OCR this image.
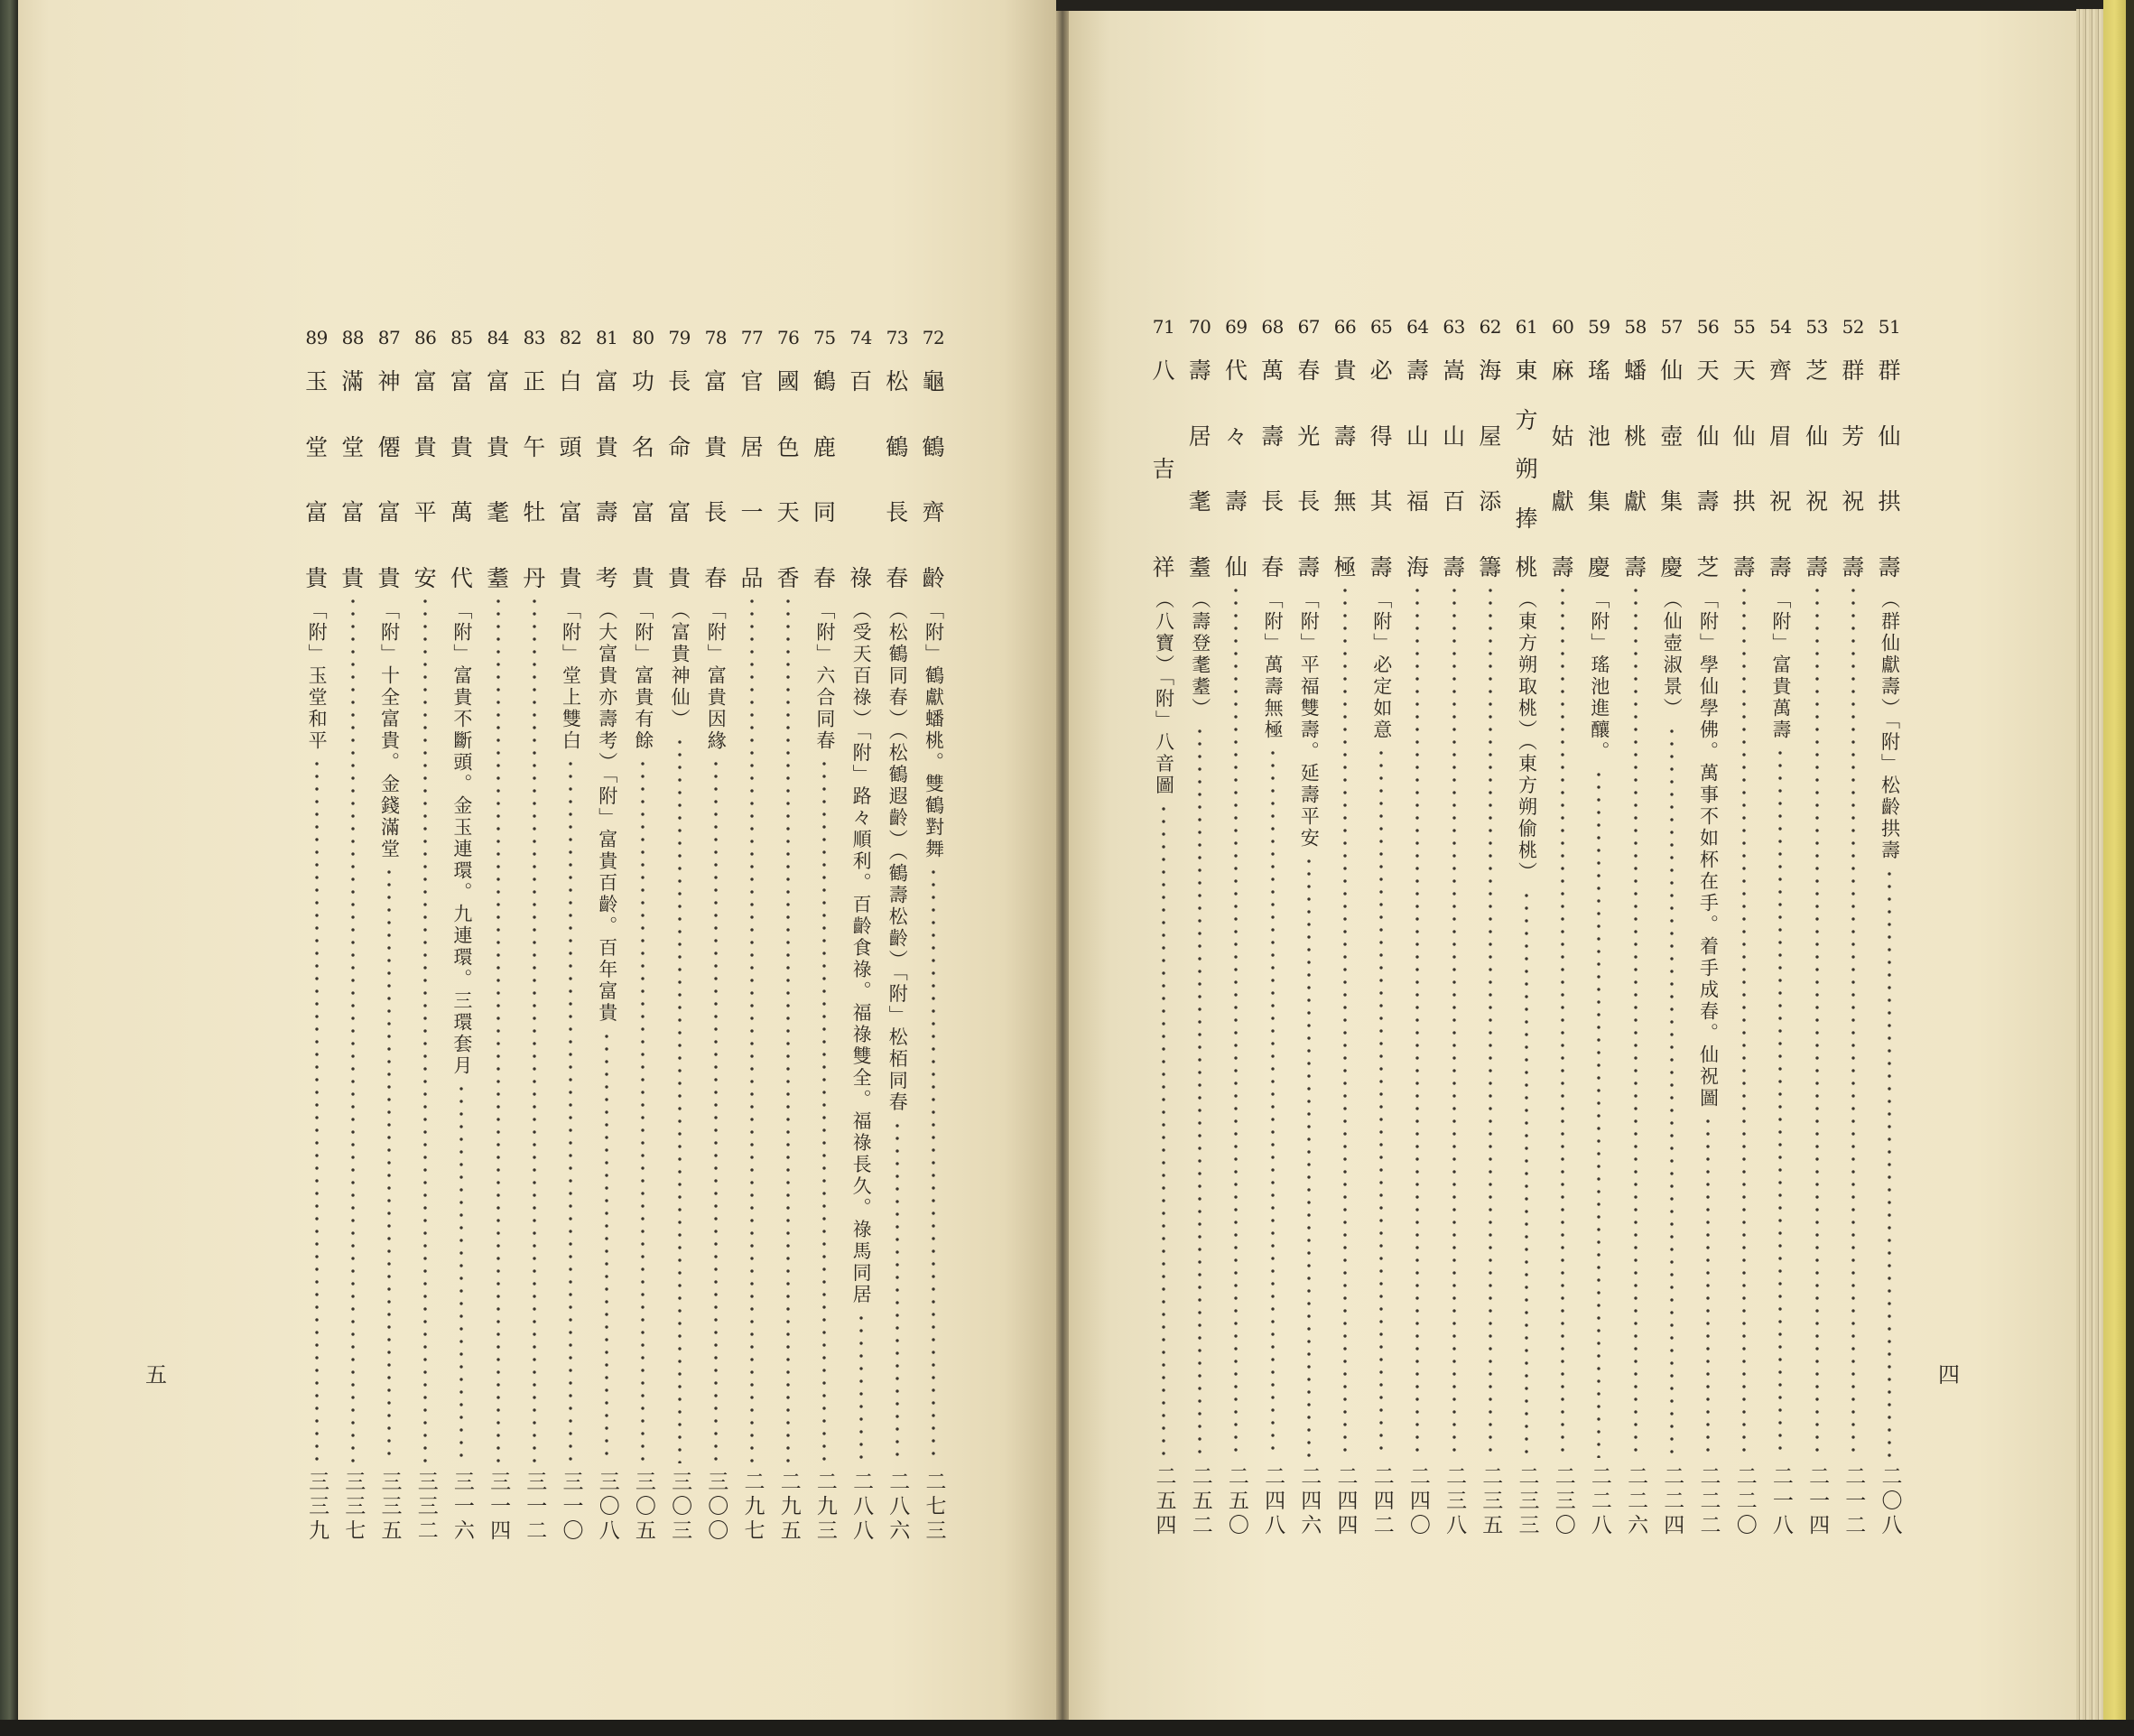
72
龜
鶴
齊
齡
「附」鶴獻蟠桃。雙鶴對舞
二七三
73
松
鶴
長
春
（松鶴同春）（松鶴遐齡）（鶴壽松齡）「附」松栢同春
二八六
74
百
祿
（受天百祿）「附」路々順利。百齡食祿。福祿雙全。福祿長久。祿馬同居
二八八
75
鶴
鹿
同
春
「附」六合同春
二九三
76
國
色
天
香
二九五
77
官
居
一
品
二九七
78
富
貴
長
春
「附」富貴因緣
三〇〇
79
長
命
富
貴
（富貴神仙）
三〇三
80
功
名
富
貴
「附」富貴有餘
三〇五
81
富
貴
壽
考
（大富貴亦壽考）「附」富貴百齡。百年富貴
三〇八
82
白
頭
富
貴
「附」堂上雙白
三一〇
83
正
午
牡
丹
三一二
84
富
貴
耄
耋
三一四
85
富
貴
萬
代
「附」富貴不斷頭。金玉連環。九連環。三環套月
三一六
86
富
貴
平
安
三三二
87
神
僊
富
貴
「附」十全富貴。金錢滿堂
三三五
88
滿
堂
富
貴
三三七
89
玉
堂
富
貴
「附」玉堂和平
三三九
五
51
群
仙
拱
壽
（群仙獻壽）「附」松齡拱壽
二〇八
52
群
芳
祝
壽
二一二
53
芝
仙
祝
壽
二一四
54
齊
眉
祝
壽
「附」富貴萬壽
二一八
55
天
仙
拱
壽
二二〇
56
天
仙
壽
芝
「附」學仙學佛。萬事不如杯在手。着手成春。仙祝圖
二二二
57
仙
壺
集
慶
（仙壺淑景）
二二四
58
蟠
桃
獻
壽
二二六
59
瑤
池
集
慶
「附」瑤池進釀。
二二八
60
麻
姑
獻
壽
二三〇
61
東
方
朔
捧
桃
（東方朔取桃）（東方朔偷桃）
二三三
62
海
屋
添
籌
二三五
63
嵩
山
百
壽
二三八
64
壽
山
福
海
二四〇
65
必
得
其
壽
「附」必定如意
二四二
66
貴
壽
無
極
二四四
67
春
光
長
壽
「附」平福雙壽。延壽平安
二四六
68
萬
壽
長
春
「附」萬壽無極
二四八
69
代
々
壽
仙
二五〇
70
壽
居
耄
耋
（壽登耄耋）
二五二
71
八
吉
祥
（八寶）「附」八音圖
二五四
四
